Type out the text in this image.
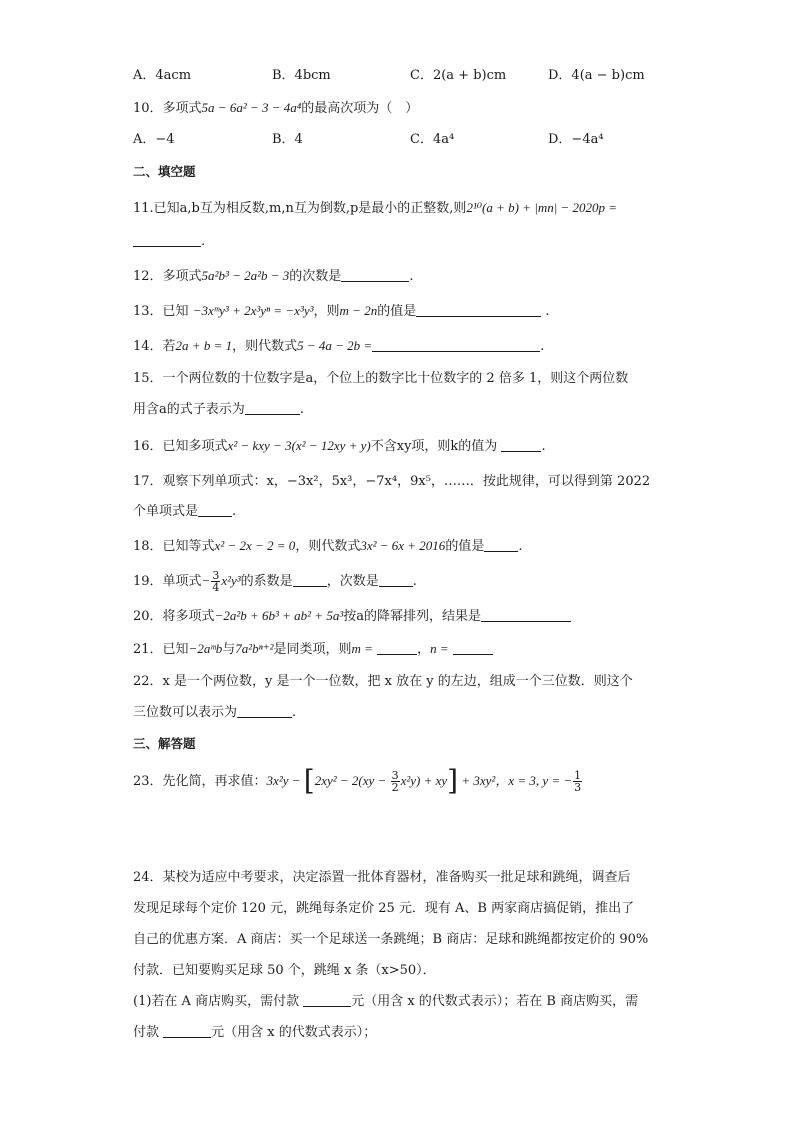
A．4acm	B．4bcm	C．2(a + b)cm	D．4(a − b)cm
10．多项式5a − 6a² − 3 − 4a⁴的最高次项为（　）
A．−4	B．4	C．4a⁴	D．−4a⁴
二、填空题
11.已知a,b互为相反数,m,n互为倒数,p是最小的正整数,则2¹⁰(a + b) + |mn| − 2020p =
.
12．多项式5a²b³ − 2a²b − 3的次数是	.
13．已知 −3xᵐy³ + 2x³yⁿ = −x³y³，则m − 2n的值是	.
14．若2a + b = 1，则代数式5 − 4a − 2b =	.
15．一个两位数的十位数字是a，个位上的数字比十位数字的 2 倍多 1，则这个两位数
用含a的式子表示为	.
16．已知多项式x² − kxy − 3(x² − 12xy + y)不含xy项，则k的值为	.
17．观察下列单项式：x，−3x²，5x³，−7x⁴，9x⁵，……．按此规律，可以得到第 2022
个单项式是	.
18．已知等式x² − 2x − 2 = 0，则代数式3x² − 6x + 2016的值是	.
19．单项式− $\frac{3}{4} x^2y^3$的系数是	，次数是	.
20．将多项式−2a²b + 6b³ + ab² + 5a³按a的降幂排列，结果是
21．已知−2aᵐb与7a²bⁿ⁺²是同类项，则m =	，n =
22．x 是一个两位数，y 是一个一位数，把 x 放在 y 的左边，组成一个三位数．则这个
三位数可以表示为	.
三、解答题
23．先化简，再求值：$3x^2y - [2xy^2 - 2(xy - \frac{3}{2} x^2y) + xy] + 3xy^2$，x = 3, y = − $\frac{1}{3}$
24．某校为适应中考要求，决定添置一批体育器材，准备购买一批足球和跳绳，调查后
发现足球每个定价 120 元，跳绳每条定价 25 元．现有 A、B 两家商店搞促销，推出了
自己的优惠方案．A 商店：买一个足球送一条跳绳；B 商店：足球和跳绳都按定价的 90%
付款．已知要购买足球 50 个，跳绳 x 条（x>50）．
(1)若在 A 商店购买，需付款	元（用含 x 的代数式表示）；若在 B 商店购买，需
付款	元（用含 x 的代数式表示）；
